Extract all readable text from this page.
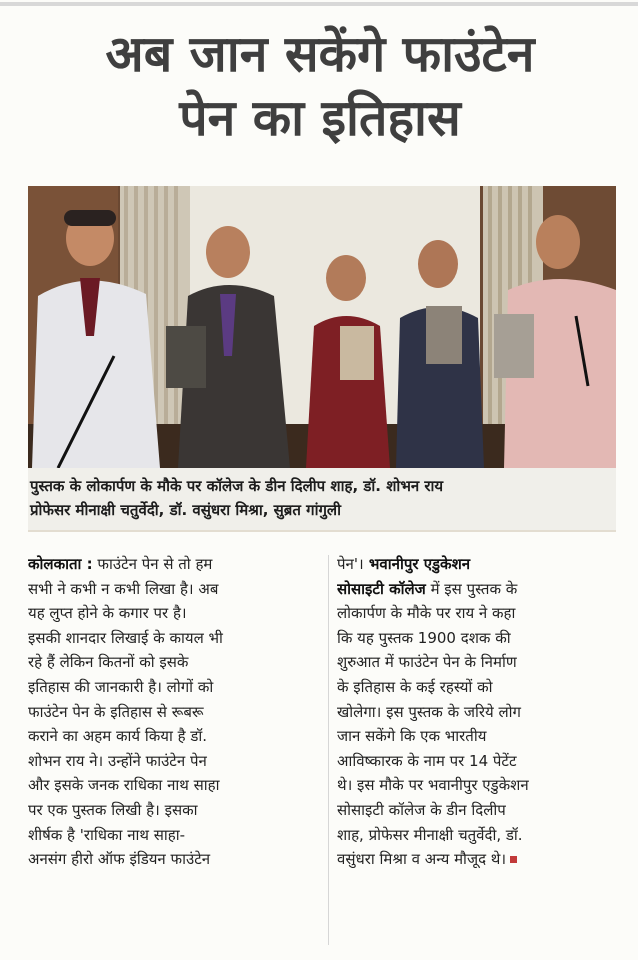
अब जान सकेंगे फाउंटेन
पेन का इतिहास
पुस्तक के लोकार्पण के मौके पर कॉलेज के डीन दिलीप शाह, डॉ. शोभन राय
प्रोफेसर मीनाक्षी चतुर्वेदी, डॉ. वसुंधरा मिश्रा, सुब्रत गांगुली
कोलकाता : फाउंटेन पेन से तो हम
सभी ने कभी न कभी लिखा है। अब
यह लुप्त होने के कगार पर है।
इसकी शानदार लिखाई के कायल भी
रहे हैं लेकिन कितनों को इसके
इतिहास की जानकारी है। लोगों को
फाउंटेन पेन के इतिहास से रूबरू
कराने का अहम कार्य किया है डॉ.
शोभन राय ने। उन्होंने फाउंटेन पेन
और इसके जनक राधिका नाथ साहा
पर एक पुस्तक लिखी है। इसका
शीर्षक है 'राधिका नाथ साहा-
अनसंग हीरो ऑफ इंडियन फाउंटेन
पेन'। भवानीपुर एडुकेशन
सोसाइटी कॉलेज में इस पुस्तक के
लोकार्पण के मौके पर राय ने कहा
कि यह पुस्तक 1900 दशक की
शुरुआत में फाउंटेन पेन के निर्माण
के इतिहास के कई रहस्यों को
खोलेगा। इस पुस्तक के जरिये लोग
जान सकेंगे कि एक भारतीय
आविष्कारक के नाम पर 14 पेटेंट
थे। इस मौके पर भवानीपुर एडुकेशन
सोसाइटी कॉलेज के डीन दिलीप
शाह, प्रोफेसर मीनाक्षी चतुर्वेदी, डॉ.
वसुंधरा मिश्रा व अन्य मौजूद थे।
